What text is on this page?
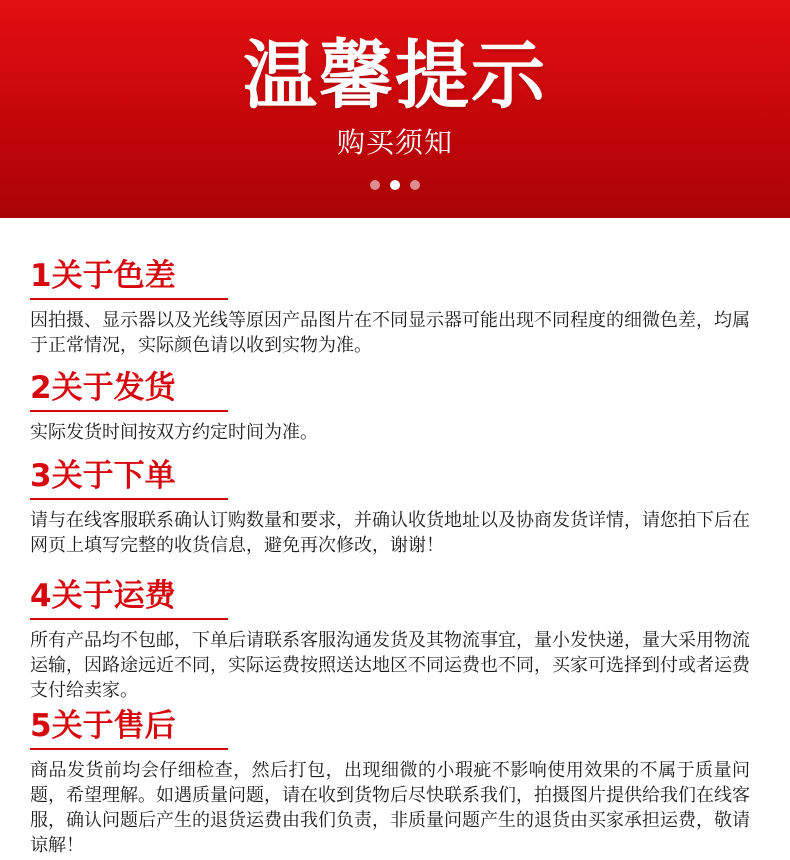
温馨提示
购买须知
1关于色差

因拍摄、显示器以及光线等原因产品图片在不同显示器可能出现不同程度的细微色差，均属于正常情况，实际颜色请以收到实物为准。

2关于发货

实际发货时间按双方约定时间为准。

3关于下单

请与在线客服联系确认订购数量和要求，并确认收货地址以及协商发货详情，请您拍下后在网页上填写完整的收货信息，避免再次修改，谢谢！

4关于运费

所有产品均不包邮，下单后请联系客服沟通发货及其物流事宜，量小发快递，量大采用物流运输，因路途远近不同，实际运费按照送达地区不同运费也不同，买家可选择到付或者运费支付给卖家。

5关于售后

商品发货前均会仔细检查，然后打包，出现细微的小瑕疵不影响使用效果的不属于质量问题，希望理解。如遇质量问题，请在收到货物后尽快联系我们，拍摄图片提供给我们在线客服，确认问题后产生的退货运费由我们负责，非质量问题产生的退货由买家承担运费，敬请谅解！
